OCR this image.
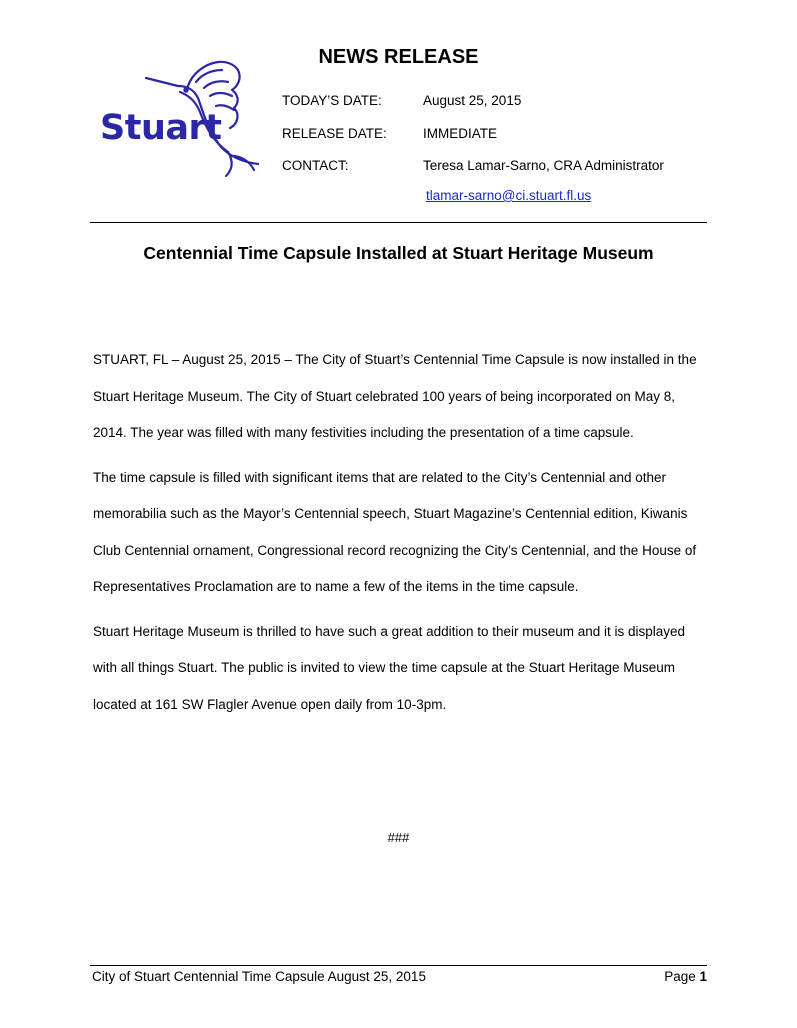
Stuart
NEWS RELEASE
TODAY’S DATE:	August 25, 2015
RELEASE DATE:	IMMEDIATE
CONTACT:	Teresa Lamar-Sarno, CRA Administrator
tlamar-sarno@ci.stuart.fl.us
Centennial Time Capsule Installed at Stuart Heritage Museum

STUART, FL – August 25, 2015 – The City of Stuart’s Centennial Time Capsule is now installed in the Stuart Heritage Museum. The City of Stuart celebrated 100 years of being incorporated on May 8, 2014. The year was filled with many festivities including the presentation of a time capsule.

The time capsule is filled with significant items that are related to the City’s Centennial and other memorabilia such as the Mayor’s Centennial speech, Stuart Magazine’s Centennial edition, Kiwanis Club Centennial ornament, Congressional record recognizing the City’s Centennial, and the House of Representatives Proclamation are to name a few of the items in the time capsule.

Stuart Heritage Museum is thrilled to have such a great addition to their museum and it is displayed with all things Stuart. The public is invited to view the time capsule at the Stuart Heritage Museum located at 161 SW Flagler Avenue open daily from 10-3pm.

###
City of Stuart Centennial Time Capsule August 25, 2015	Page 1
